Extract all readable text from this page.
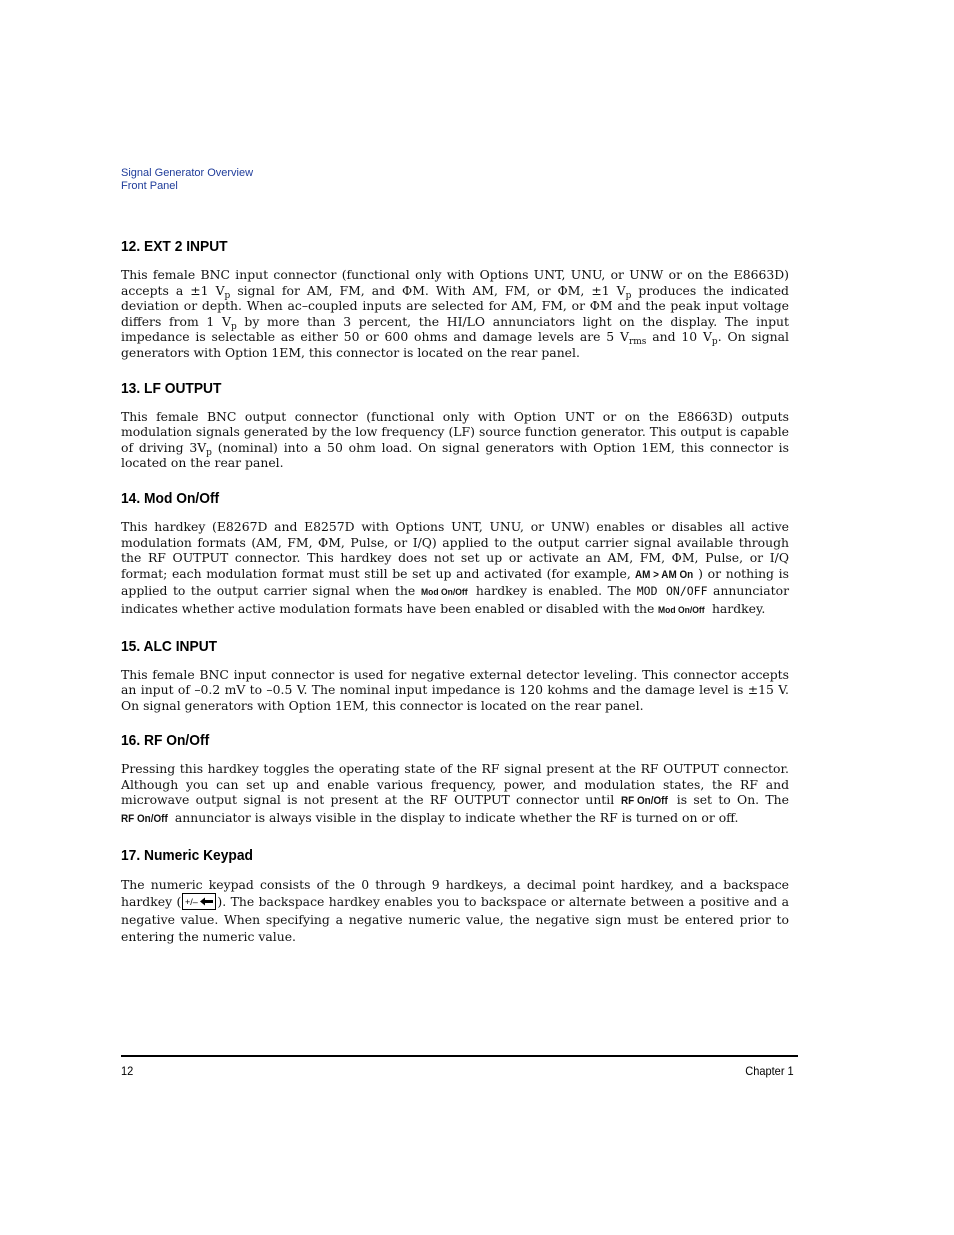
Signal Generator Overview
Front Panel
12. EXT 2 INPUT

This female BNC input connector (functional only with Options UNT, UNU, or UNW or on the E8663D) accepts a ±1 $V_p$ signal for AM, FM, and ΦM. With AM, FM, or ΦM, ±1 $V_p$ produces the indicated deviation or depth. When ac–coupled inputs are selected for AM, FM, or ΦM and the peak input voltage differs from 1 $V_p$ by more than 3 percent, the HI/LO annunciators light on the display. The input impedance is selectable as either 50 or 600 ohms and damage levels are 5 $V_{rms}$ and 10 $V_p$. On signal generators with Option 1EM, this connector is located on the rear panel.

13. LF OUTPUT

This female BNC output connector (functional only with Option UNT or on the E8663D) outputs modulation signals generated by the low frequency (LF) source function generator. This output is capable of driving $3V_p$ (nominal) into a 50 ohm load. On signal generators with Option 1EM, this connector is located on the rear panel.

14. Mod On/Off

This hardkey (E8267D and E8257D with Options UNT, UNU, or UNW) enables or disables all active modulation formats (AM, FM, ΦM, Pulse, or I/Q) applied to the output carrier signal available through the RF OUTPUT connector. This hardkey does not set up or activate an AM, FM, ΦM, Pulse, or I/Q format; each modulation format must still be set up and activated (for example, AM > AM On ) or nothing is applied to the output carrier signal when the Mod On/Off hardkey is enabled. The MOD ON/OFF annunciator indicates whether active modulation formats have been enabled or disabled with the Mod On/Off hardkey.

15. ALC INPUT

This female BNC input connector is used for negative external detector leveling. This connector accepts an input of –0.2 mV to –0.5 V. The nominal input impedance is 120 kohms and the damage level is ±15 V. On signal generators with Option 1EM, this connector is located on the rear panel.

16. RF On/Off

Pressing this hardkey toggles the operating state of the RF signal present at the RF OUTPUT connector. Although you can set up and enable various frequency, power, and modulation states, the RF and microwave output signal is not present at the RF OUTPUT connector until RF On/Off is set to On. The RF On/Off annunciator is always visible in the display to indicate whether the RF is turned on or off.

17. Numeric Keypad

The numeric keypad consists of the 0 through 9 hardkeys, a decimal point hardkey, and a backspace hardkey ( +/– ). The backspace hardkey enables you to backspace or alternate between a positive and a negative value. When specifying a negative numeric value, the negative sign must be entered prior to entering the numeric value.

12	Chapter 1
